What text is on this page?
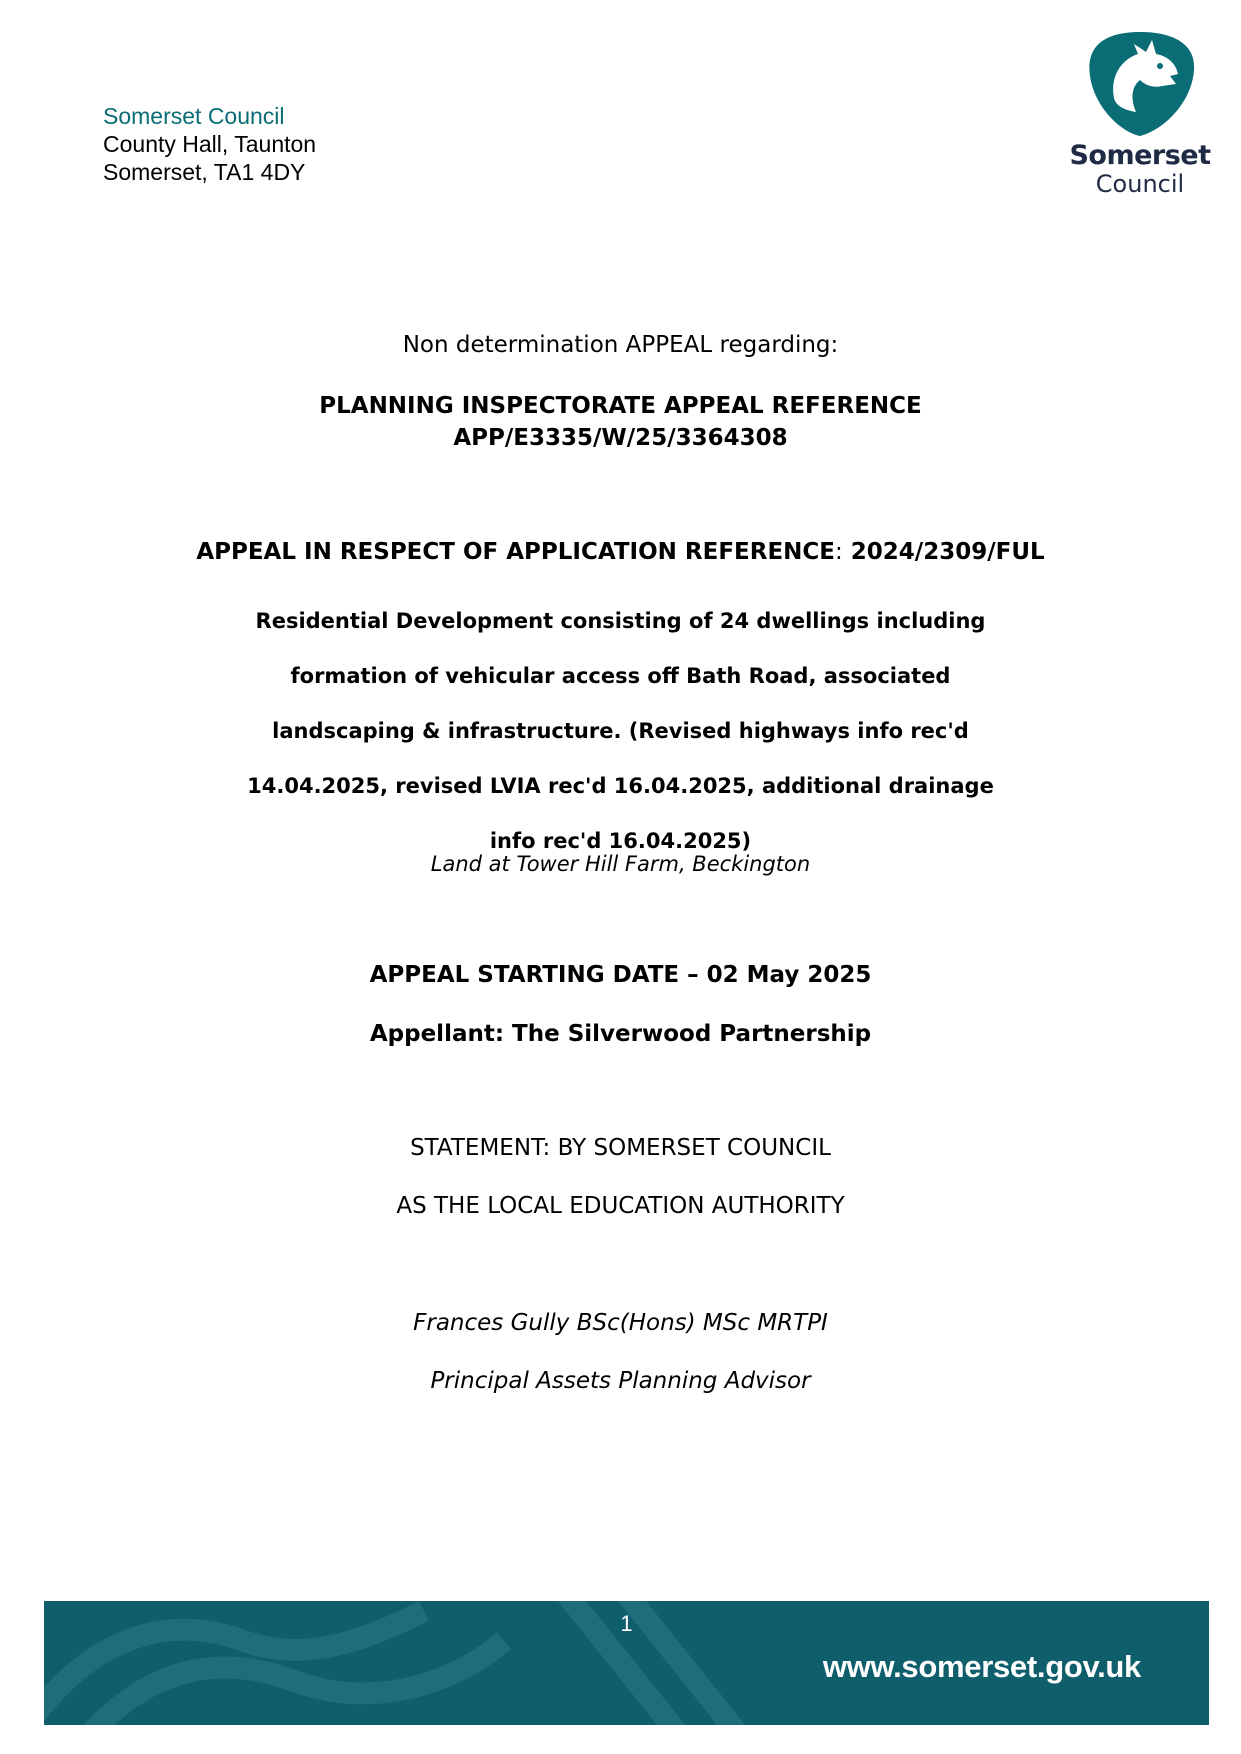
Somerset Council
County Hall, Taunton
Somerset, TA1 4DY
Somerset
Council

Non determination APPEAL regarding:

PLANNING INSPECTORATE APPEAL REFERENCE
APP/E3335/W/25/3364308
APPEAL IN RESPECT OF APPLICATION REFERENCE: 2024/2309/FUL
Residential Development consisting of 24 dwellings including
formation of vehicular access off Bath Road, associated
landscaping & infrastructure. (Revised highways info rec'd
14.04.2025, revised LVIA rec'd 16.04.2025, additional drainage
info rec'd 16.04.2025)

Land at Tower Hill Farm, Beckington

APPEAL STARTING DATE – 02 May 2025

Appellant: The Silverwood Partnership

STATEMENT: BY SOMERSET COUNCIL

AS THE LOCAL EDUCATION AUTHORITY

Frances Gully BSc(Hons) MSc MRTPI

Principal Assets Planning Advisor

1
www.somerset.gov.uk
